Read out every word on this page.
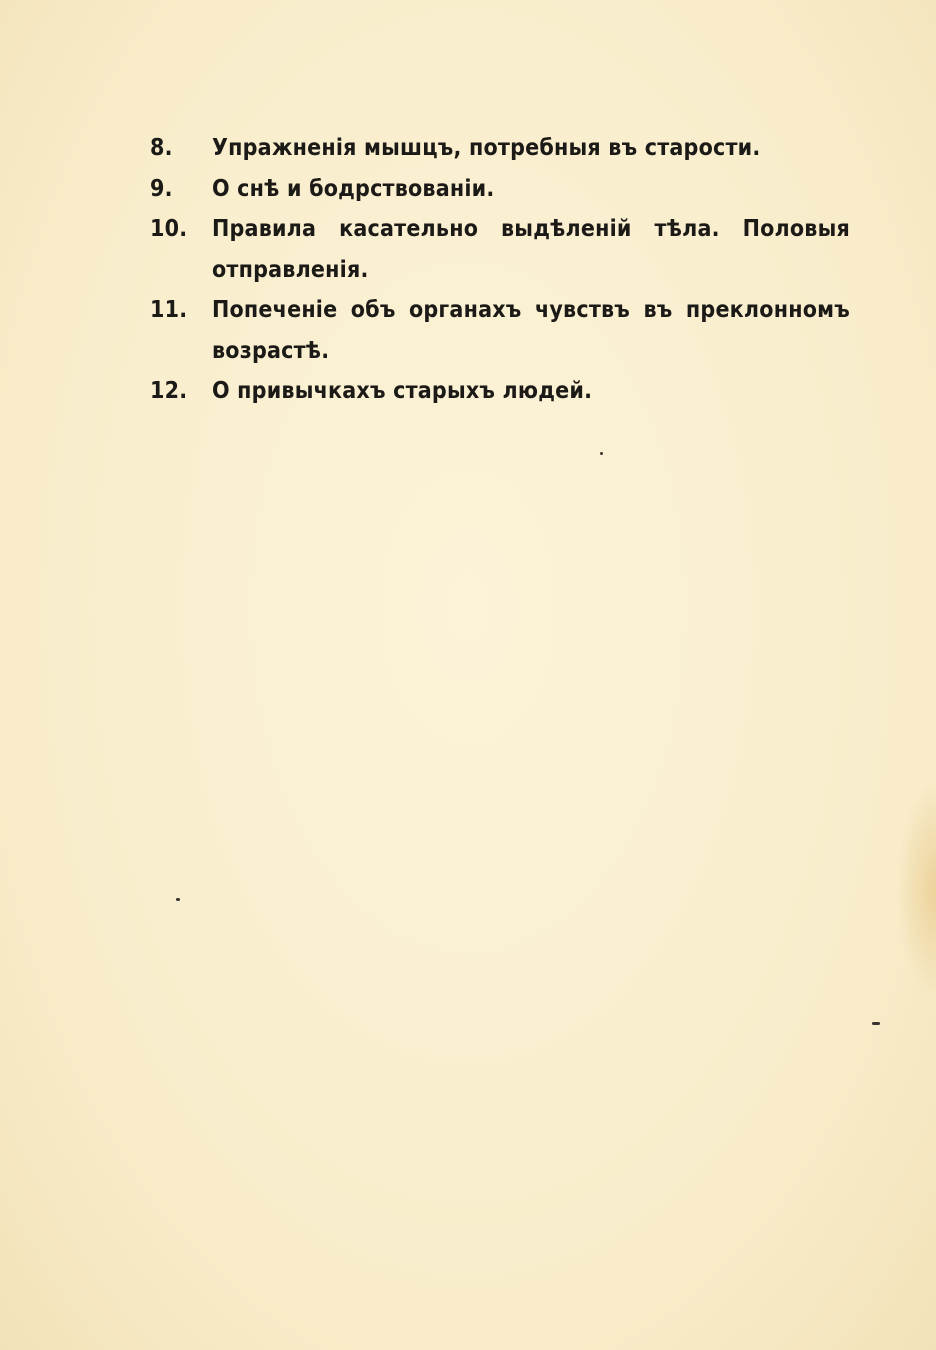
8. Упражненія мышцъ, потребныя въ старости.
9. О снѣ и бодрствованіи.
10. Правила касательно выдѣленій тѣла. Половыя отправленія.
11. Попеченіе объ органахъ чувствъ въ преклонномъ возрастѣ.
12. О привычкахъ старыхъ людей.
